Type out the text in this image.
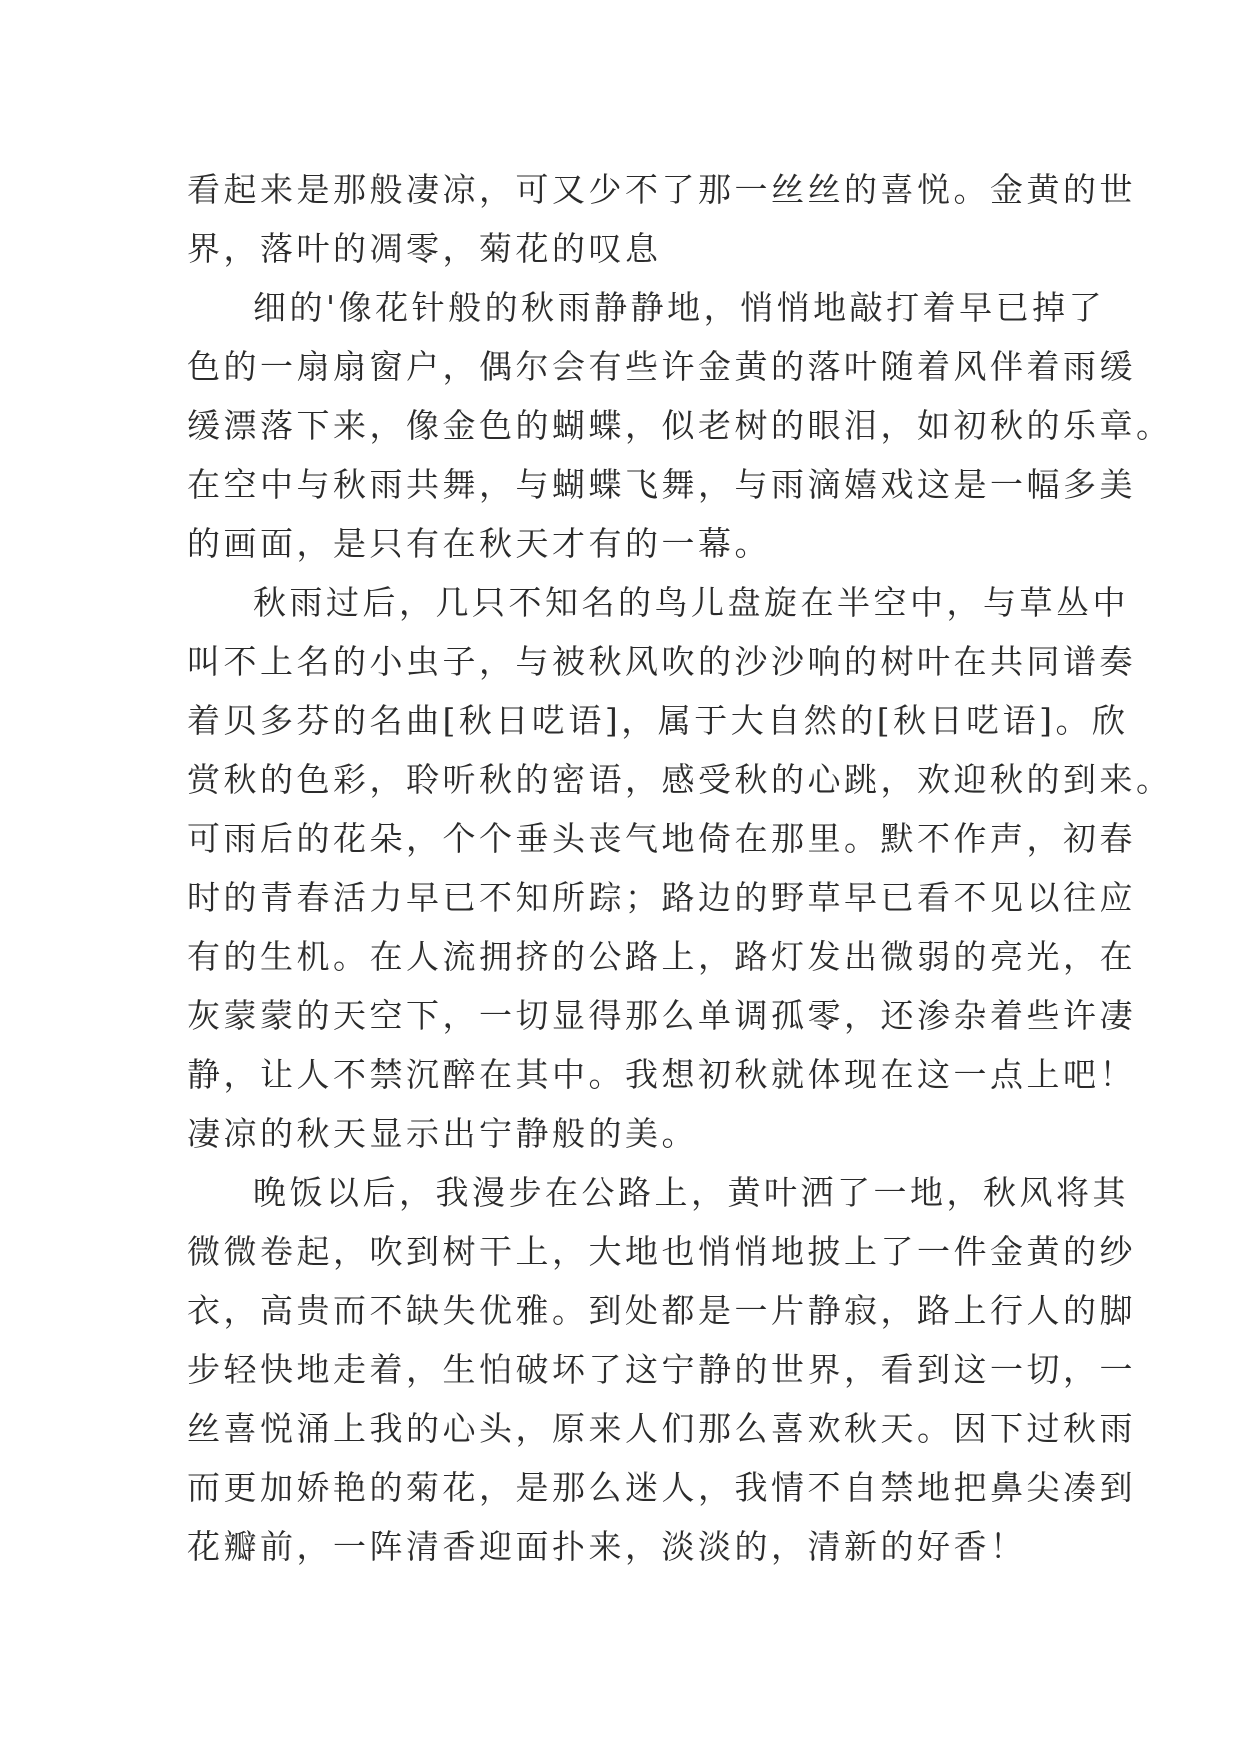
看起来是那般凄凉，可又少不了那一丝丝的喜悦。金黄的世
界，落叶的凋零，菊花的叹息
细的'像花针般的秋雨静静地，悄悄地敲打着早已掉了
色的一扇扇窗户，偶尔会有些许金黄的落叶随着风伴着雨缓
缓漂落下来，像金色的蝴蝶，似老树的眼泪，如初秋的乐章。
在空中与秋雨共舞，与蝴蝶飞舞，与雨滴嬉戏这是一幅多美
的画面，是只有在秋天才有的一幕。
秋雨过后，几只不知名的鸟儿盘旋在半空中，与草丛中
叫不上名的小虫子，与被秋风吹的沙沙响的树叶在共同谱奏
着贝多芬的名曲[秋日呓语]，属于大自然的[秋日呓语]。欣
赏秋的色彩，聆听秋的密语，感受秋的心跳，欢迎秋的到来。
可雨后的花朵，个个垂头丧气地倚在那里。默不作声，初春
时的青春活力早已不知所踪；路边的野草早已看不见以往应
有的生机。在人流拥挤的公路上，路灯发出微弱的亮光，在
灰蒙蒙的天空下，一切显得那么单调孤零，还渗杂着些许凄
静，让人不禁沉醉在其中。我想初秋就体现在这一点上吧！
凄凉的秋天显示出宁静般的美。
晚饭以后，我漫步在公路上，黄叶洒了一地，秋风将其
微微卷起，吹到树干上，大地也悄悄地披上了一件金黄的纱
衣，高贵而不缺失优雅。到处都是一片静寂，路上行人的脚
步轻快地走着，生怕破坏了这宁静的世界，看到这一切，一
丝喜悦涌上我的心头，原来人们那么喜欢秋天。因下过秋雨
而更加娇艳的菊花，是那么迷人，我情不自禁地把鼻尖凑到
花瓣前，一阵清香迎面扑来，淡淡的，清新的好香！
